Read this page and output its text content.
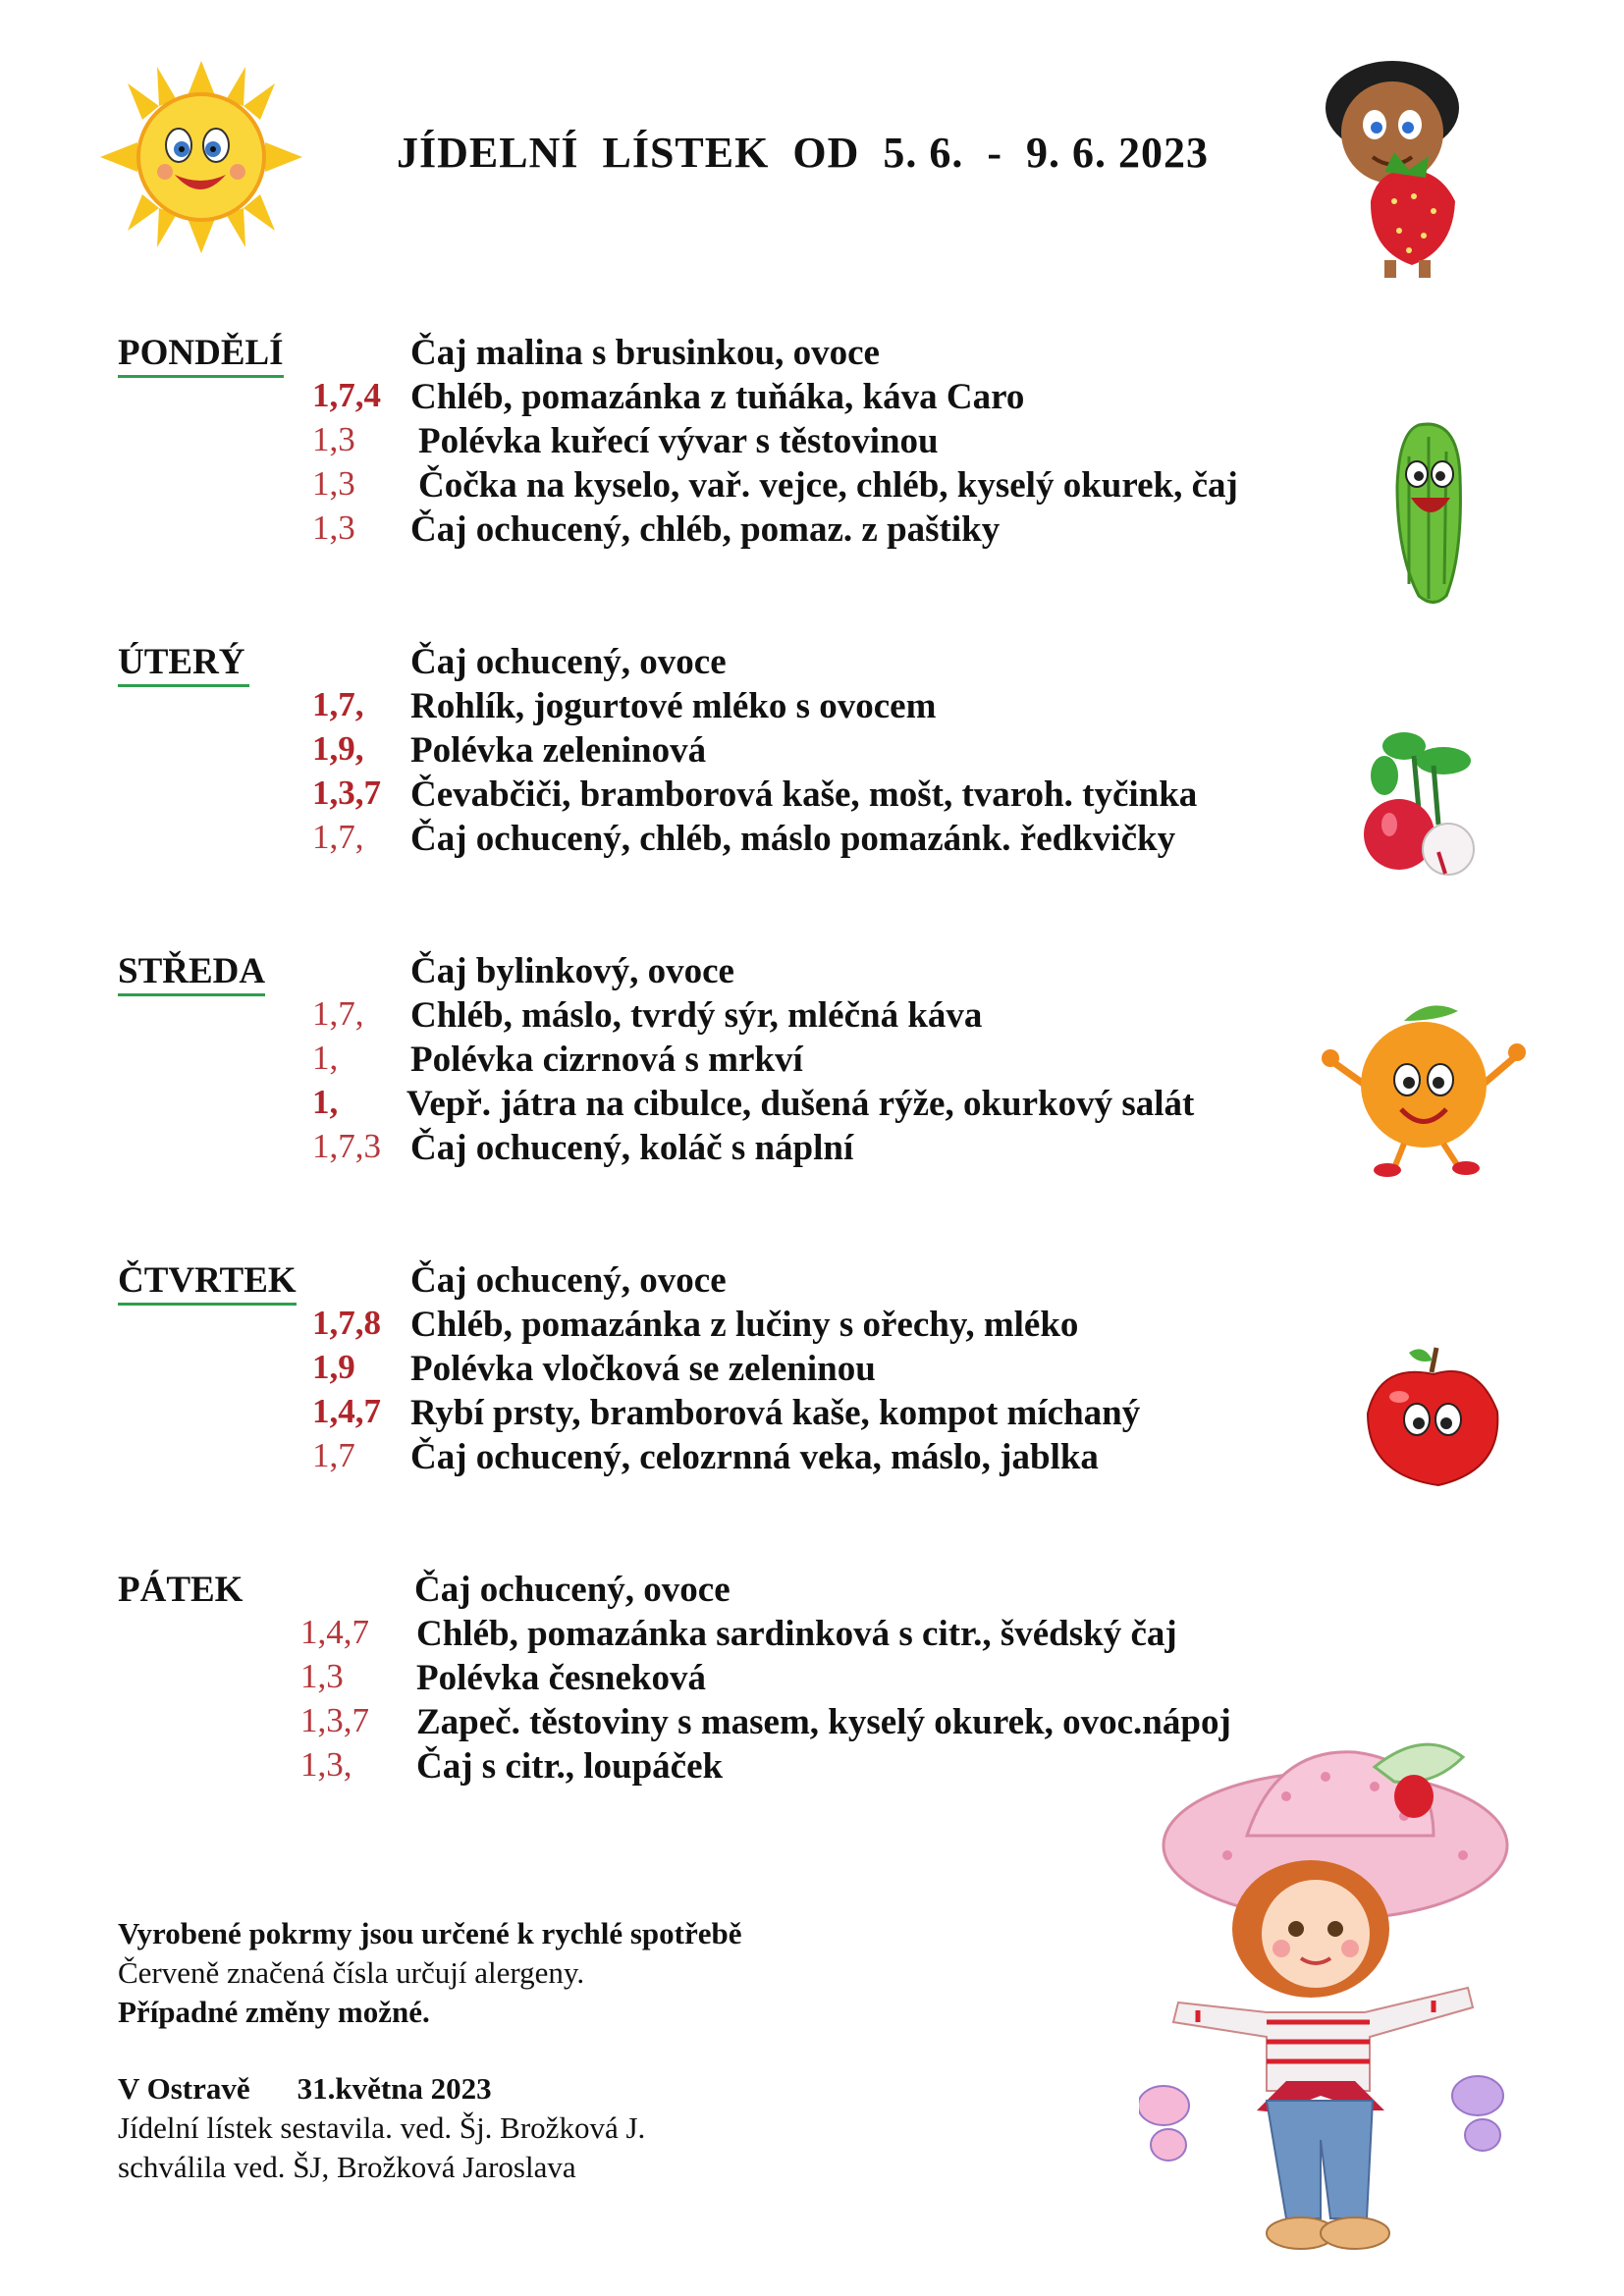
JÍDELNÍ  LÍSTEK  OD  5. 6.  -  9. 6. 2023
PONDĚLÍ	Čaj malina s brusinkou, ovoce
1,7,4 Chléb, pomazánka z tuňáka, káva Caro
1,3 Polévka kuřecí vývar s těstovinou
1,3 Čočka na kyselo, vař. vejce, chléb, kyselý okurek, čaj
1,3 Čaj ochucený, chléb, pomaz. z paštiky
ÚTERÝ	Čaj ochucený, ovoce
1,7, Rohlík, jogurtové mléko s ovocem
1,9, Polévka zeleninová
1,3,7 Čevabčiči, bramborová kaše, mošt, tvaroh. tyčinka
1,7, Čaj ochucený, chléb, máslo pomazánk. ředkvičky
STŘEDA	Čaj bylinkový, ovoce
1,7, Chléb, máslo, tvrdý sýr, mléčná káva
1, Polévka cizrnová s mrkví
1, Vepř. játra na cibulce, dušená rýže, okurkový salát
1,7,3 Čaj ochucený, koláč s náplní
ČTVRTEK	Čaj ochucený, ovoce
1,7,8 Chléb, pomazánka z lučiny s ořechy, mléko
1,9 Polévka vločková se zeleninou
1,4,7 Rybí prsty, bramborová kaše, kompot míchaný
1,7 Čaj ochucený, celozrnná veka, máslo, jablka
PÁTEK	Čaj ochucený, ovoce
1,4,7 Chléb, pomazánka sardinková s citr., švédský čaj
1,3 Polévka česneková
1,3,7 Zapeč. těstoviny s masem, kyselý okurek, ovoc.nápoj
1,3, Čaj s citr., loupáček
Vyrobené pokrmy jsou určené k rychlé spotřebě
Červeně značená čísla určují alergeny.
Případné změny možné.
V Ostravě 31.května 2023
Jídelní lístek sestavila. ved. Šj. Brožková J.
schválila ved. ŠJ, Brožková Jaroslava
